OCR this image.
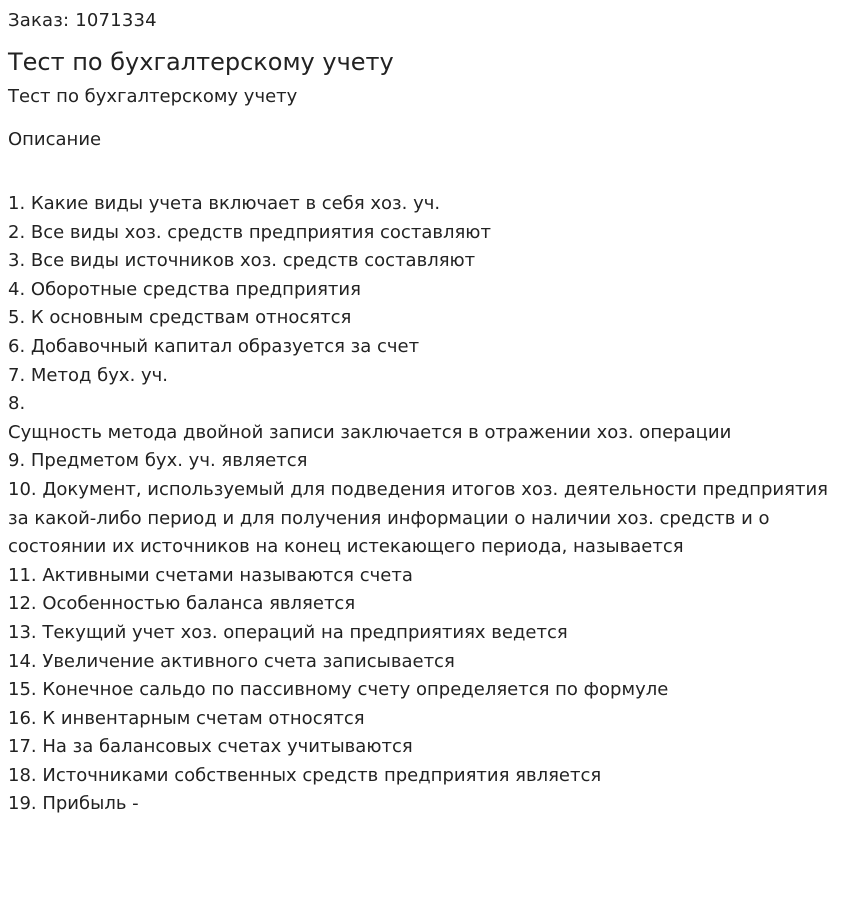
Заказ: 1071334
Тест по бухгалтерскому учету
Тест по бухгалтерскому учету
Описание
1. Какие виды учета включает в себя хоз. уч.
2. Все виды хоз. средств предприятия составляют
3. Все виды источников хоз. средств составляют
4. Оборотные средства предприятия
5. К основным средствам относятся
6. Добавочный капитал образуется за счет
7. Метод бух. уч.
8.
Сущность метода двойной записи заключается в отражении хоз. операции
9. Предметом бух. уч. является
10. Документ, используемый для подведения итогов хоз. деятельности предприятия за какой-либо период и для получения информации о наличии хоз. средств и о состоянии их источников на конец истекающего периода, называется
11. Активными счетами называются счета
12. Особенностью баланса является
13. Текущий учет хоз. операций на предприятиях ведется
14. Увеличение активного счета записывается
15. Конечное сальдо по пассивному счету определяется по формуле
16. К инвентарным счетам относятся
17. На за балансовых счетах учитываются
18. Источниками собственных средств предприятия является
19. Прибыль -
